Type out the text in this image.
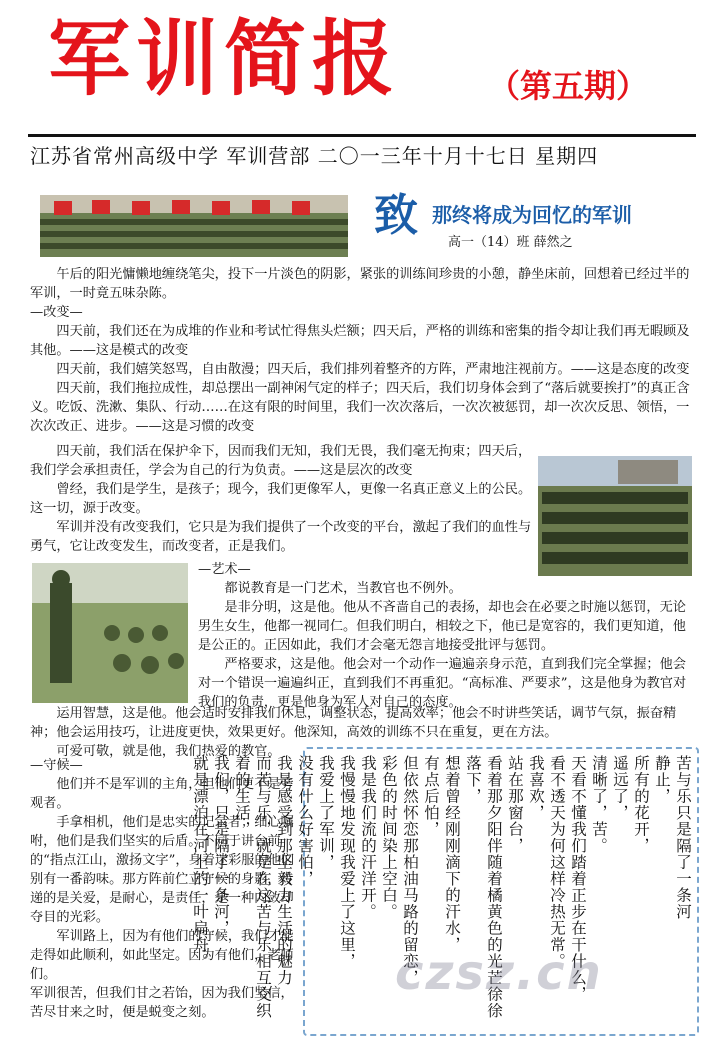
军训简报	（第五期）
江苏省常州高级中学 军训营部 二〇一三年十月十七日 星期四
致 那终将成为回忆的军训
高一（14）班 薛然之

午后的阳光慵懒地缠绕笔尖，投下一片淡色的阴影，紧张的训练间珍贵的小憩，静坐床前，回想着已经过半的军训，一时竟五味杂陈。

—改变—

四天前，我们还在为成堆的作业和考试忙得焦头烂额；四天后，严格的训练和密集的指令却让我们再无暇顾及其他。——这是模式的改变

四天前，我们嬉笑怒骂，自由散漫；四天后，我们排列着整齐的方阵，严肃地注视前方。——这是态度的改变

四天前，我们拖拉成性，却总摆出一副神闲气定的样子；四天后，我们切身体会到了“落后就要挨打”的真正含义。吃饭、洗漱、集队、行动……在这有限的时间里，我们一次次落后，一次次被惩罚，却一次次反思、领悟，一次次改正、进步。——这是习惯的改变

四天前，我们活在保护伞下，因而我们无知，我们无畏，我们毫无拘束；四天后，我们学会承担责任，学会为自己的行为负责。——这是层次的改变

曾经，我们是学生，是孩子；现今，我们更像军人，更像一名真正意义上的公民。这一切，源于改变。

军训并没有改变我们，它只是为我们提供了一个改变的平台，激起了我们的血性与勇气，它让改变发生，而改变者，正是我们。

—艺术—

都说教育是一门艺术，当教官也不例外。

是非分明，这是他。他从不吝啬自己的表扬，却也会在必要之时施以惩罚，无论男生女生，他都一视同仁。但我们明白，相较之下，他已是宽容的，我们更知道，他是公正的。正因如此，我们才会毫无怨言地接受批评与惩罚。

严格要求，这是他。他会对一个动作一遍遍亲身示范，直到我们完全掌握；他会对一个错误一遍遍纠正，直到我们不再重犯。“高标准、严要求”，这是他身为教官对我们的负责，更是他身为军人对自己的态度。

运用智慧，这是他。他会适时安排我们休息，调整状态，提高效率；他会不时讲些笑话，调节气氛，振奋精神；他会运用技巧，让进度更快，效果更好。他深知，高效的训练不只在重复，更在方法。

可爱可敬，就是他，我们热爱的教官。

—守候—

他们并不是军训的主角，但他们更不是旁观者。

手拿相机，他们是忠实的记录者；细心嘱咐，他们是我们坚实的后盾。不同于讲台前的“指点江山，激扬文字”，身着迷彩服的他们别有一番韵味。那方阵前伫立守候的身影，传递的是关爱，是耐心，是责任，是一种内敛却夺目的光彩。

军训路上，因为有他们的守候，我们才能走得如此顺利，如此坚定。因为有他们，老师们。

军训很苦，但我们甘之若饴，因为我们坚信，苦尽甘来之时，便是蜕变之刻。

苦与乐只是隔了一条河

静止，

所有的花开，

遥远了，

清晰了，苦。

天看不懂我们踏着正步在干什么，

看不透天为何这样冷热无常。

我喜欢，

站在那窗台，

看着那夕阳伴随着橘黄色的光芒徐徐落下，

想着曾经刚刚滴下的汗水，

有点后怕，

但依然怀恋那柏油马路的留恋，

彩色的时间染上空白。

我是我们流的汗洋开。

我慢慢地发现我爱上了这里，

我爱上了军训，

没有什么好害怕，

我是感受到那坚毅力生活的魅力

而苦与乐，就是在这苦与乐相互交织着的生活，

我们，只是隔了一条河，

就是漂泊在河上的一叶扁舟。

czsz.cn
